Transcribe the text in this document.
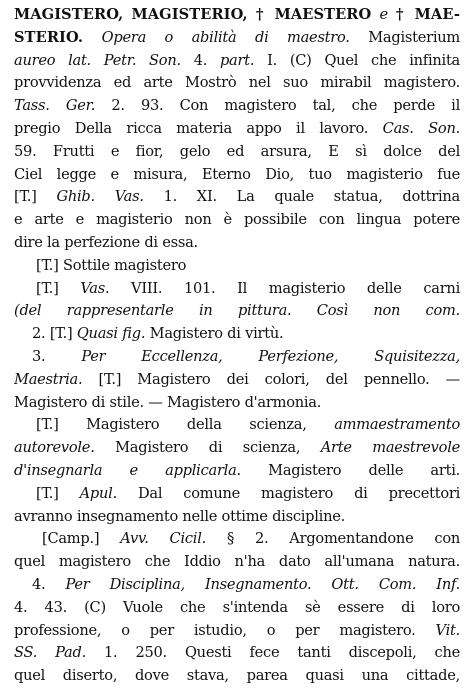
MAGISTERO, MAGISTERIO, † MAESTERO e † MAE-
STERIO. Opera o abilità di maestro. Magisterium
aureo lat. Petr. Son. 4. part. I. (C) Quel che infinita
provvidenza ed arte Mostrò nel suo mirabil magistero.
Tass. Ger. 2. 93. Con magistero tal, che perde il
pregio Della ricca materia appo il lavoro. Cas. Son.
59. Frutti e fior, gelo ed arsura, E sì dolce del
Ciel legge e misura, Eterno Dio, tuo magisterio fue
[T.] Ghib. Vas. 1. XI. La quale statua, dottrina
e arte e magisterio non è possibile con lingua potere
dire la perfezione di essa.
[T.] Sottile magistero
[T.] Vas. VIII. 101. Il magisterio delle carni
(del rappresentarle in pittura. Così non com.
2. [T.] Quasi fig. Magistero di virtù.
3. Per Eccellenza, Perfezione, Squisitezza,
Maestria. [T.] Magistero dei colori, del pennello. —
Magistero di stile. — Magistero d'armonia.
[T.] Magistero della scienza, ammaestramento
autorevole. Magistero di scienza, Arte maestrevole
d'insegnarla e applicarla. Magistero delle arti.
[T.] Apul. Dal comune magistero di precettori
avranno insegnamento nelle ottime discipline.
[Camp.] Avv. Cicil. § 2. Argomentandone con
quel magistero che Iddio n'ha dato all'umana natura.
4. Per Disciplina, Insegnamento. Ott. Com. Inf.
4. 43. (C) Vuole che s'intenda sè essere di loro
professione, o per istudio, o per magistero. Vit.
SS. Pad. 1. 250. Questi fece tanti discepoli, che
quel diserto, dove stava, parea quasi una cittade,
